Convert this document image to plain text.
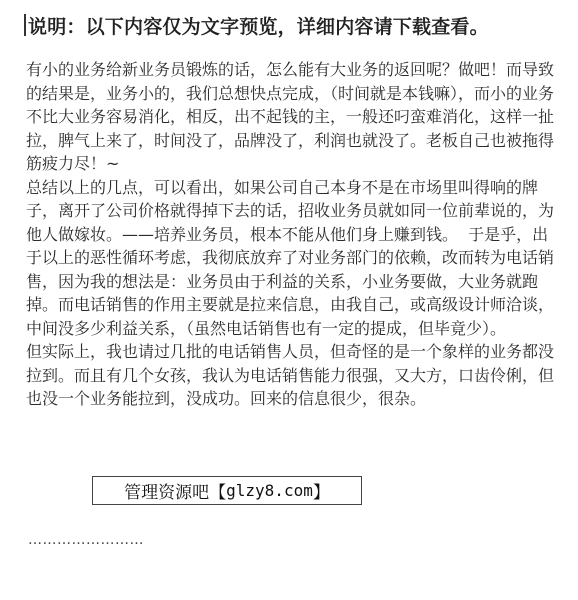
说明：以下内容仅为文字预览，详细内容请下载查看。

有小的业务给新业务员锻炼的话，怎么能有大业务的返回呢？做吧！而导致的结果是，业务小的，我们总想快点完成，（时间就是本钱嘛），而小的业务不比大业务容易消化，相反，出不起钱的主，一般还叼蛮难消化，这样一扯拉，脾气上来了，时间没了，品牌没了，利润也就没了。老板自己也被拖得筋疲力尽！~

总结以上的几点，可以看出，如果公司自己本身不是在市场里叫得响的牌子，离开了公司价格就得掉下去的话，招收业务员就如同一位前辈说的，为他人做嫁妆。——培养业务员，根本不能从他们身上赚到钱。  于是乎，出于以上的恶性循环考虑，我彻底放弃了对业务部门的依赖，改而转为电话销售，因为我的想法是：业务员由于利益的关系，小业务要做，大业务就跑掉。而电话销售的作用主要就是拉来信息，由我自己，或高级设计师洽谈，中间没多少利益关系，（虽然电话销售也有一定的提成，但毕竟少）。

但实际上，我也请过几批的电话销售人员，但奇怪的是一个象样的业务都没拉到。而且有几个女孩，我认为电话销售能力很强，又大方，口齿伶俐，但也没一个业务能拉到，没成功。回来的信息很少，很杂。

管理资源吧 【 glzy8.com 】
……………………
